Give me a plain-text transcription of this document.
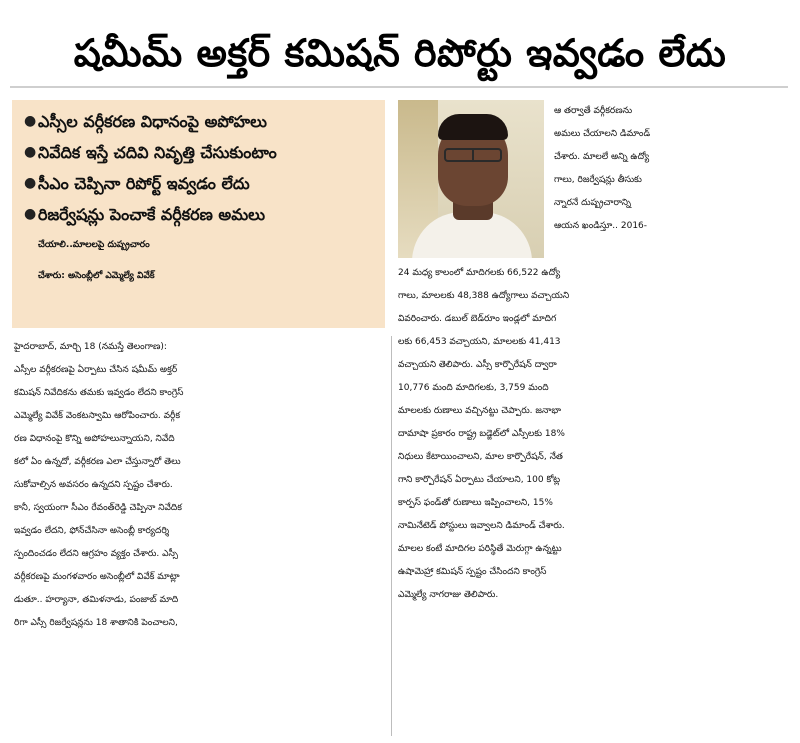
షమీమ్ అక్తర్ కమిషన్ రిపోర్టు ఇవ్వడం లేదు
● ఎస్సీల వర్గీకరణ విధానంపై అపోహలు
● నివేదిక ఇస్తే చదివి నివృత్తి చేసుకుంటాం
● సీఎం చెప్పినా రిపోర్ట్ ఇవ్వడం లేదు
● రిజర్వేషన్లు పెంచాకే వర్గీకరణ అమలు
చేయాలి..మాలలపై దుష్ప్రచారం
చేశారు: అసెంబ్లీలో ఎమ్మెల్యే వివేక్
ఆ తర్వాతే వర్గీకరణను
అమలు చేయాలని డిమాండ్
చేశారు. మాలలే అన్ని ఉద్యో
గాలు, రిజర్వేషన్లు తీసుకు
న్నారనే దుష్ప్రచారాన్ని
ఆయన ఖండిస్తూ.. 2016-
24 మధ్య కాలంలో మాదిగలకు 66,522 ఉద్యో
గాలు, మాలలకు 48,388 ఉద్యోగాలు వచ్చాయని
వివరించారు. డబుల్ బెడ్‌రూం ఇండ్లలో మాదిగ
లకు 66,453 వచ్చాయని, మాలలకు 41,413
వచ్చాయని తెలిపారు. ఎస్సీ కార్పొరేషన్ ద్వారా
10,776 మంది మాదిగలకు, 3,759 మంది
మాలలకు రుణాలు వచ్చినట్టు చెప్పారు. జనాభా
దామాషా ప్రకారం రాష్ట్ర బడ్జెట్‌లో ఎస్సీలకు 18%
నిధులు కేటాయించాలని, మాల కార్పొరేషన్, నేత
గాని కార్పొరేషన్ ఏర్పాటు చేయాలని, 100 కోట్ల
కార్పస్ ఫండ్‌తో రుణాలు ఇప్పించాలని, 15%
నామినేటెడ్ పోస్టులు ఇవ్వాలని డిమాండ్ చేశారు.
మాలల కంటే మాదిగల పరిస్థితే మెరుగ్గా ఉన్నట్టు
ఉషామెహ్రా కమిషన్ స్పష్టం చేసిందని కాంగ్రెస్
ఎమ్మెల్యే నాగరాజు తెలిపారు.
హైదరాబాద్, మార్చి 18 (నమస్తే తెలంగాణ):
ఎస్సీల వర్గీకరణపై ఏర్పాటు చేసిన షమీమ్ అక్తర్
కమిషన్ నివేదికను తమకు ఇవ్వడం లేదని కాంగ్రెస్
ఎమ్మెల్యే వివేక్ వెంకటస్వామి ఆరోపించారు. వర్గీక
రణ విధానంపై కొన్ని అపోహలున్నాయని, నివేది
కలో ఏం ఉన్నదో, వర్గీకరణ ఎలా చేస్తున్నారో తెలు
సుకోవాల్సిన అవసరం ఉన్నదని స్పష్టం చేశారు.
కానీ, స్వయంగా సీఎం రేవంత్‌రెడ్డి చెప్పినా నివేదిక
ఇవ్వడం లేదని, ఫోన్‌చేసినా అసెంబ్లీ కార్యదర్శి
స్పందించడం లేదని ఆగ్రహం వ్యక్తం చేశారు. ఎస్సీ
వర్గీకరణపై మంగళవారం అసెంబ్లీలో వివేక్ మాట్లా
డుతూ.. హర్యానా, తమిళనాడు, పంజాబ్ మాది
రిగా ఎస్సీ రిజర్వేషన్లను 18 శాతానికి పెంచాలని,
